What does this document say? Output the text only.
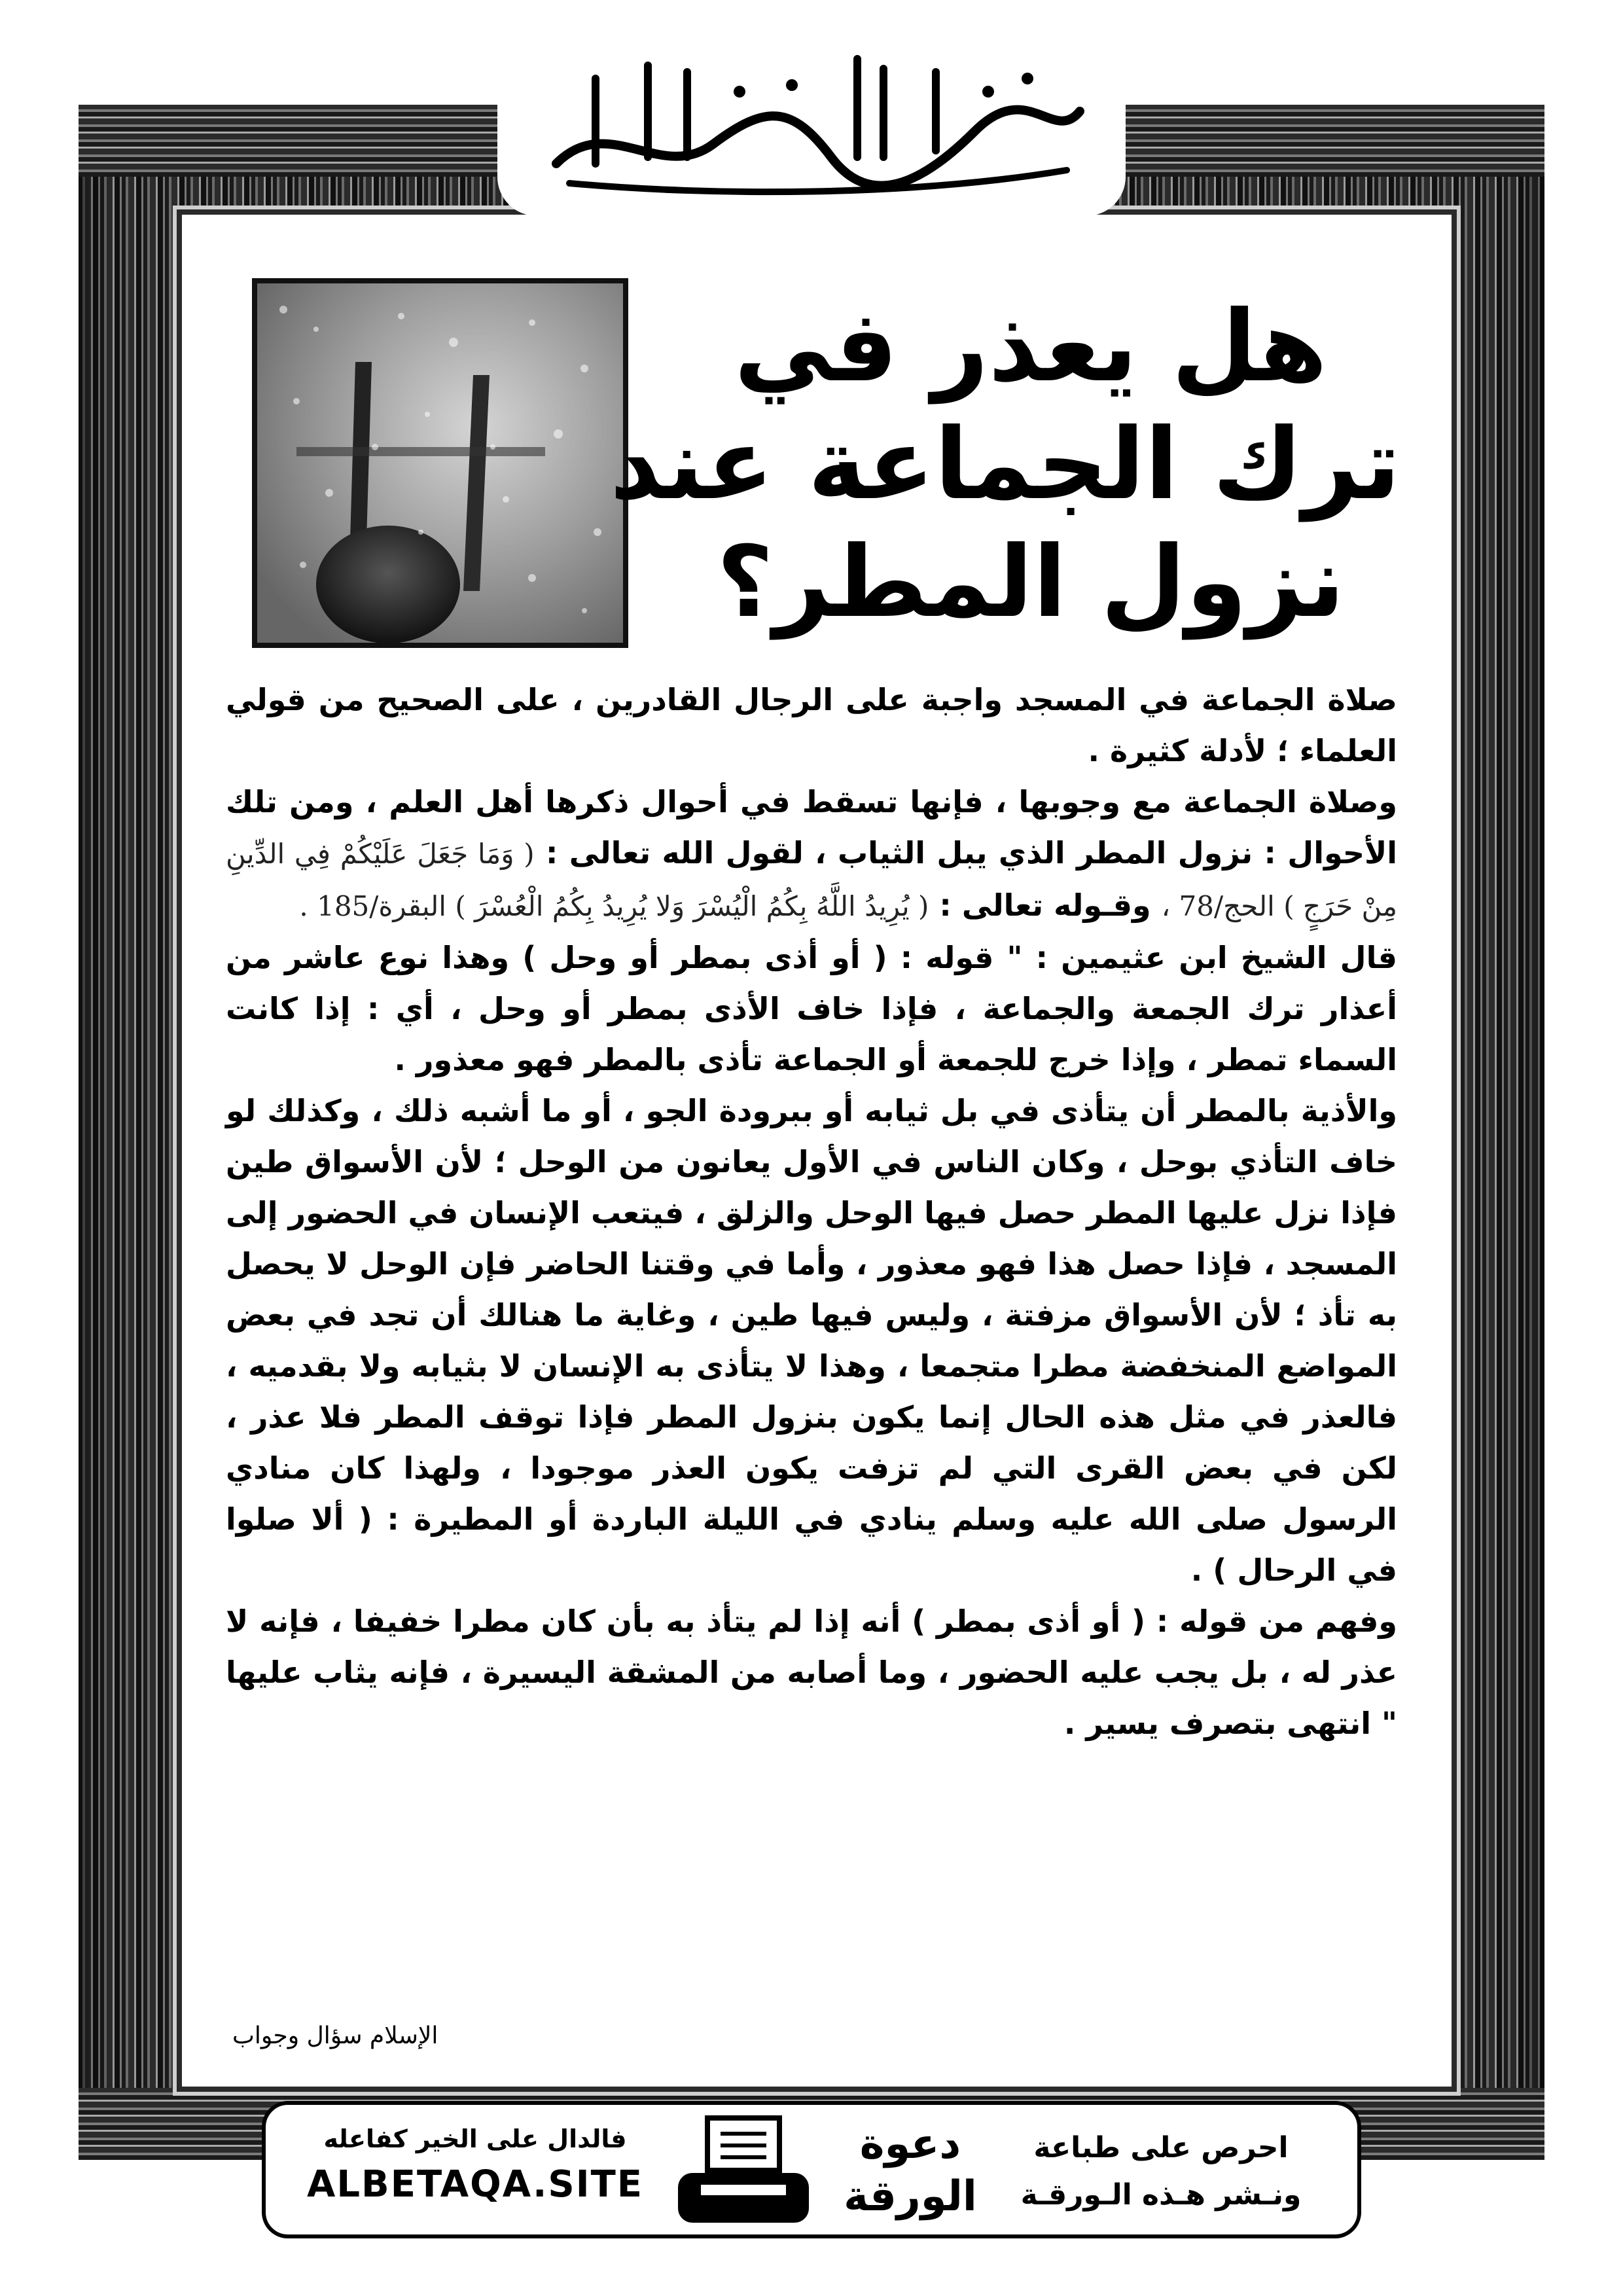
هل يعذر في
ترك الجماعة عند
نزول المطر؟

صلاة الجماعة في المسجد واجبة على الرجال القادرين ، على الصحيح من قولي العلماء ؛ لأدلة كثيرة .

وصلاة الجماعة مع وجوبها ، فإنها تسقط في أحوال ذكرها أهل العلم ، ومن تلك الأحوال : نزول المطر الذي يبل الثياب ، لقول الله تعالى : ( وَمَا جَعَلَ عَلَيْكُمْ فِي الدِّينِ مِنْ حَرَجٍ ) الحج/78 ، وقـوله تعالى : ( يُرِيدُ اللَّهُ بِكُمُ الْيُسْرَ وَلا يُرِيدُ بِكُمُ الْعُسْرَ ) البقرة/185 .

قال الشيخ ابن عثيمين : " قوله : ( أو أذى بمطر أو وحل ) وهذا نوع عاشر من أعذار ترك الجمعة والجماعة ، فإذا خاف الأذى بمطر أو وحل ، أي : إذا كانت السماء تمطر ، وإذا خرج للجمعة أو الجماعة تأذى بالمطر فهو معذور .

والأذية بالمطر أن يتأذى في بل ثيابه أو ببرودة الجو ، أو ما أشبه ذلك ، وكذلك لو خاف التأذي بوحل ، وكان الناس في الأول يعانون من الوحل ؛ لأن الأسواق طين فإذا نزل عليها المطر حصل فيها الوحل والزلق ، فيتعب الإنسان في الحضور إلى المسجد ، فإذا حصل هذا فهو معذور ، وأما في وقتنا الحاضر فإن الوحل لا يحصل به تأذ ؛ لأن الأسواق مزفتة ، وليس فيها طين ، وغاية ما هنالك أن تجد في بعض المواضع المنخفضة مطرا متجمعا ، وهذا لا يتأذى به الإنسان لا بثيابه ولا بقدميه ، فالعذر في مثل هذه الحال إنما يكون بنزول المطر فإذا توقف المطر فلا عذر ، لكن في بعض القرى التي لم تزفت يكون العذر موجودا ، ولهذا كان منادي الرسول صلى الله عليه وسلم ينادي في الليلة الباردة أو المطيرة : ( ألا صلوا في الرحال ) .

وفهم من قوله : ( أو أذى بمطر ) أنه إذا لم يتأذ به بأن كان مطرا خفيفا ، فإنه لا عذر له ، بل يجب عليه الحضور ، وما أصابه من المشقة اليسيرة ، فإنه يثاب عليها " انتهى بتصرف يسير .

الإسلام سؤال وجواب
فالدال على الخير كفاعله
ALBETAQA.SITE
دعوة
الورقة
احرص على طباعة
ونـشر هـذه الـورقـة
